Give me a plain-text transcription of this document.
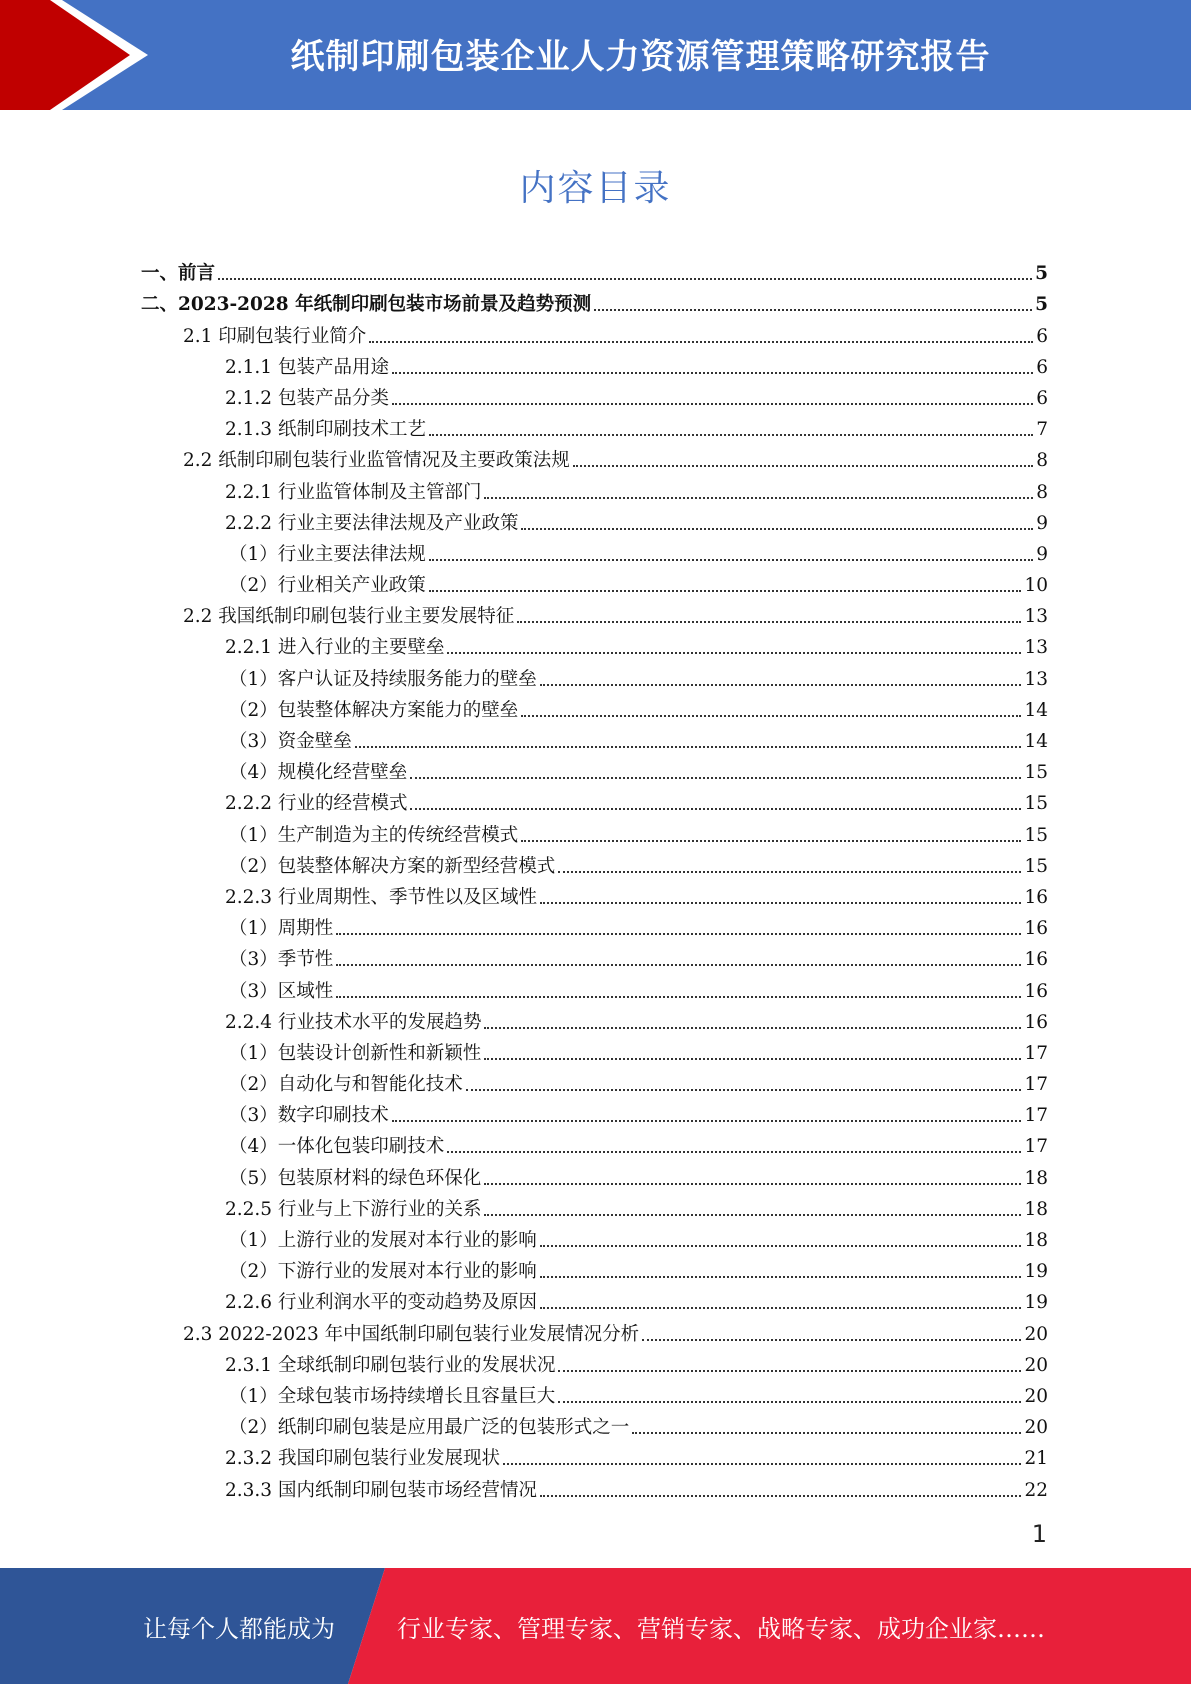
纸制印刷包装企业人力资源管理策略研究报告
内容目录
一、前言	5
二、2023-2028 年纸制印刷包装市场前景及趋势预测	5
2.1 印刷包装行业简介	6
2.1.1 包装产品用途	6
2.1.2 包装产品分类	6
2.1.3 纸制印刷技术工艺	7
2.2 纸制印刷包装行业监管情况及主要政策法规	8
2.2.1 行业监管体制及主管部门	8
2.2.2 行业主要法律法规及产业政策	9
（1）行业主要法律法规	9
（2）行业相关产业政策	10
2.2 我国纸制印刷包装行业主要发展特征	13
2.2.1 进入行业的主要壁垒	13
（1）客户认证及持续服务能力的壁垒	13
（2）包装整体解决方案能力的壁垒	14
（3）资金壁垒	14
（4）规模化经营壁垒	15
2.2.2 行业的经营模式	15
（1）生产制造为主的传统经营模式	15
（2）包装整体解决方案的新型经营模式	15
2.2.3 行业周期性、季节性以及区域性	16
（1）周期性	16
（3）季节性	16
（3）区域性	16
2.2.4 行业技术水平的发展趋势	16
（1）包装设计创新性和新颖性	17
（2）自动化与和智能化技术	17
（3）数字印刷技术	17
（4）一体化包装印刷技术	17
（5）包装原材料的绿色环保化	18
2.2.5 行业与上下游行业的关系	18
（1）上游行业的发展对本行业的影响	18
（2）下游行业的发展对本行业的影响	19
2.2.6 行业利润水平的变动趋势及原因	19
2.3 2022-2023 年中国纸制印刷包装行业发展情况分析	20
2.3.1 全球纸制印刷包装行业的发展状况	20
（1）全球包装市场持续增长且容量巨大	20
（2）纸制印刷包装是应用最广泛的包装形式之一	20
2.3.2 我国印刷包装行业发展现状	21
2.3.3 国内纸制印刷包装市场经营情况	22
1
让每个人都能成为	行业专家、管理专家、营销专家、战略专家、成功企业家……
